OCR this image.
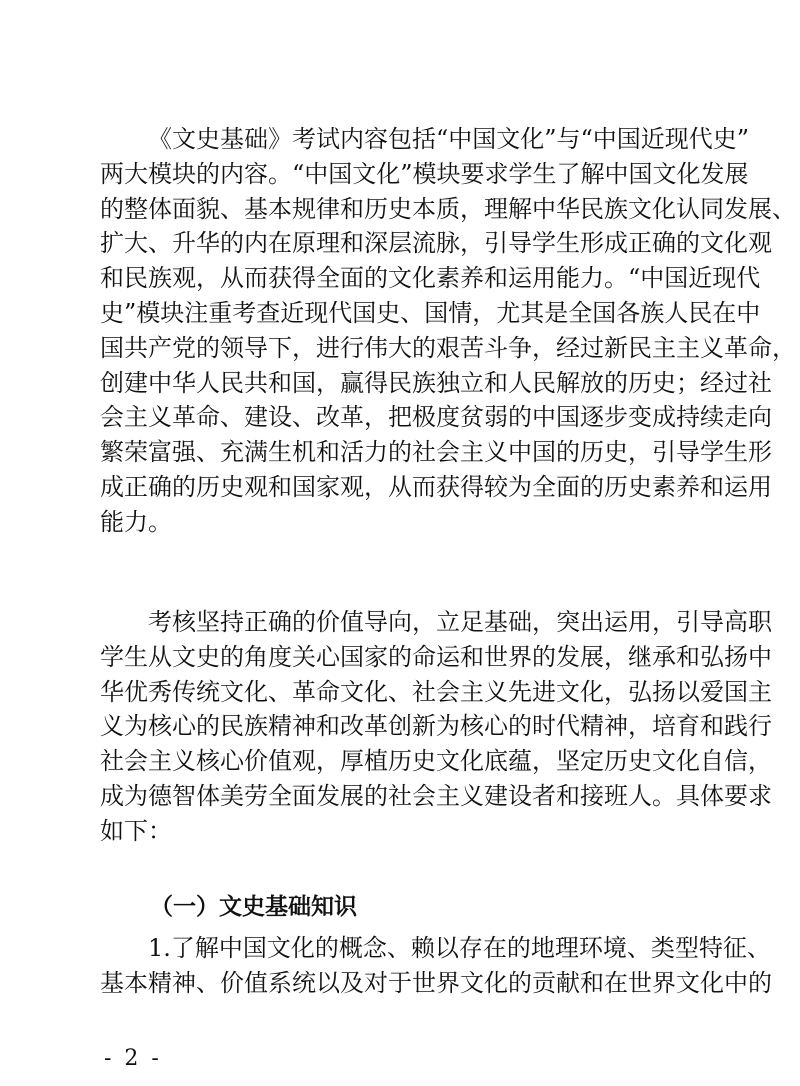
《文史基础》考试内容包括“中国文化”与“中国近现代史”
两大模块的内容。“中国文化”模块要求学生了解中国文化发展
的整体面貌、基本规律和历史本质，理解中华民族文化认同发展、
扩大、升华的内在原理和深层流脉，引导学生形成正确的文化观
和民族观，从而获得全面的文化素养和运用能力。“中国近现代
史”模块注重考查近现代国史、国情，尤其是全国各族人民在中
国共产党的领导下，进行伟大的艰苦斗争，经过新民主主义革命，
创建中华人民共和国，赢得民族独立和人民解放的历史；经过社
会主义革命、建设、改革，把极度贫弱的中国逐步变成持续走向
繁荣富强、充满生机和活力的社会主义中国的历史，引导学生形
成正确的历史观和国家观，从而获得较为全面的历史素养和运用
能力。
考核坚持正确的价值导向，立足基础，突出运用，引导高职
学生从文史的角度关心国家的命运和世界的发展，继承和弘扬中
华优秀传统文化、革命文化、社会主义先进文化，弘扬以爱国主
义为核心的民族精神和改革创新为核心的时代精神，培育和践行
社会主义核心价值观，厚植历史文化底蕴，坚定历史文化自信，
成为德智体美劳全面发展的社会主义建设者和接班人。具体要求
如下：
（一）文史基础知识
1.了解中国文化的概念、赖以存在的地理环境、类型特征、
基本精神、价值系统以及对于世界文化的贡献和在世界文化中的
- 2 -
